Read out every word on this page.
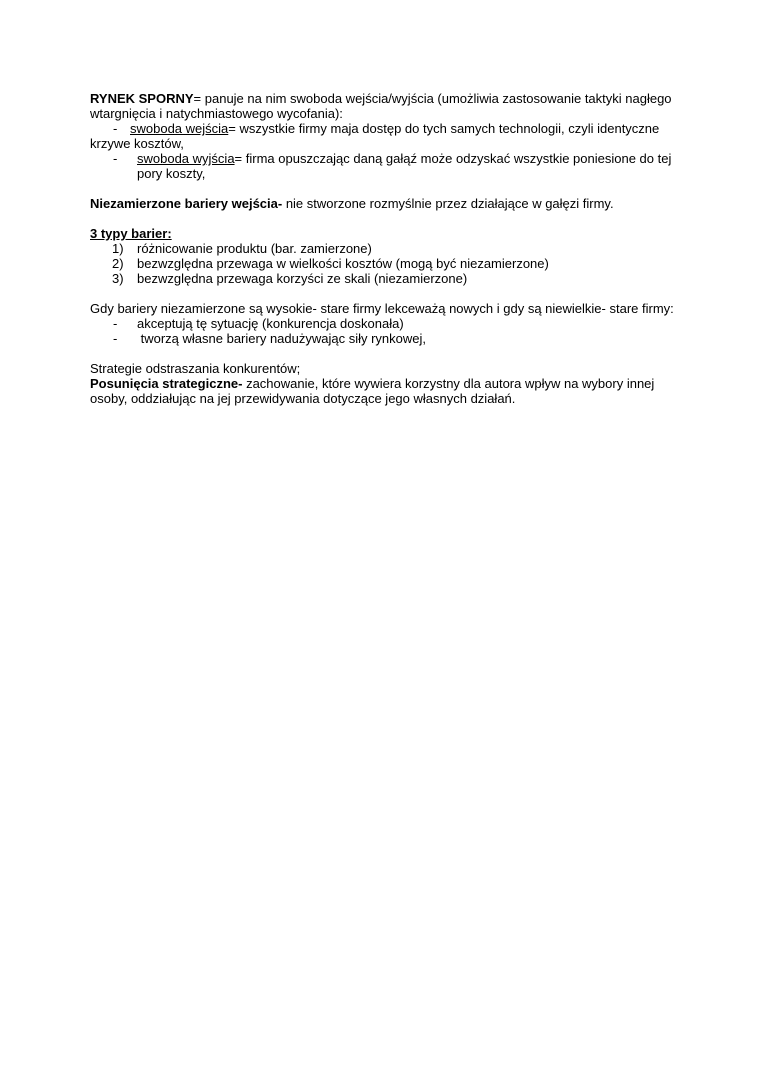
RYNEK SPORNY= panuje na nim swoboda wejścia/wyjścia (umożliwia zastosowanie taktyki nagłego wtargnięcia i natychmiastowego wycofania):

- swoboda wejścia= wszystkie firmy maja dostęp do tych samych technologii, czyli identyczne

krzywe kosztów,

- swoboda wyjścia= firma opuszczając daną gałąź może odzyskać wszystkie poniesione do tej

pory koszty,

Niezamierzone bariery wejścia- nie stworzone rozmyślnie przez działające w gałęzi firmy.

3 typy barier:

1) różnicowanie produktu (bar. zamierzone)
2) bezwzględna przewaga w wielkości kosztów (mogą być niezamierzone)
3) bezwzględna przewaga korzyści ze skali (niezamierzone)

Gdy bariery niezamierzone są wysokie- stare firmy lekceważą nowych i gdy są niewielkie- stare firmy:

- akceptują tę sytuację (konkurencja doskonała)
- tworzą własne bariery nadużywając siły rynkowej,

Strategie odstraszania konkurentów;

Posunięcia strategiczne- zachowanie, które wywiera korzystny dla autora wpływ na wybory innej

osoby, oddziałując na jej przewidywania dotyczące jego własnych działań.
